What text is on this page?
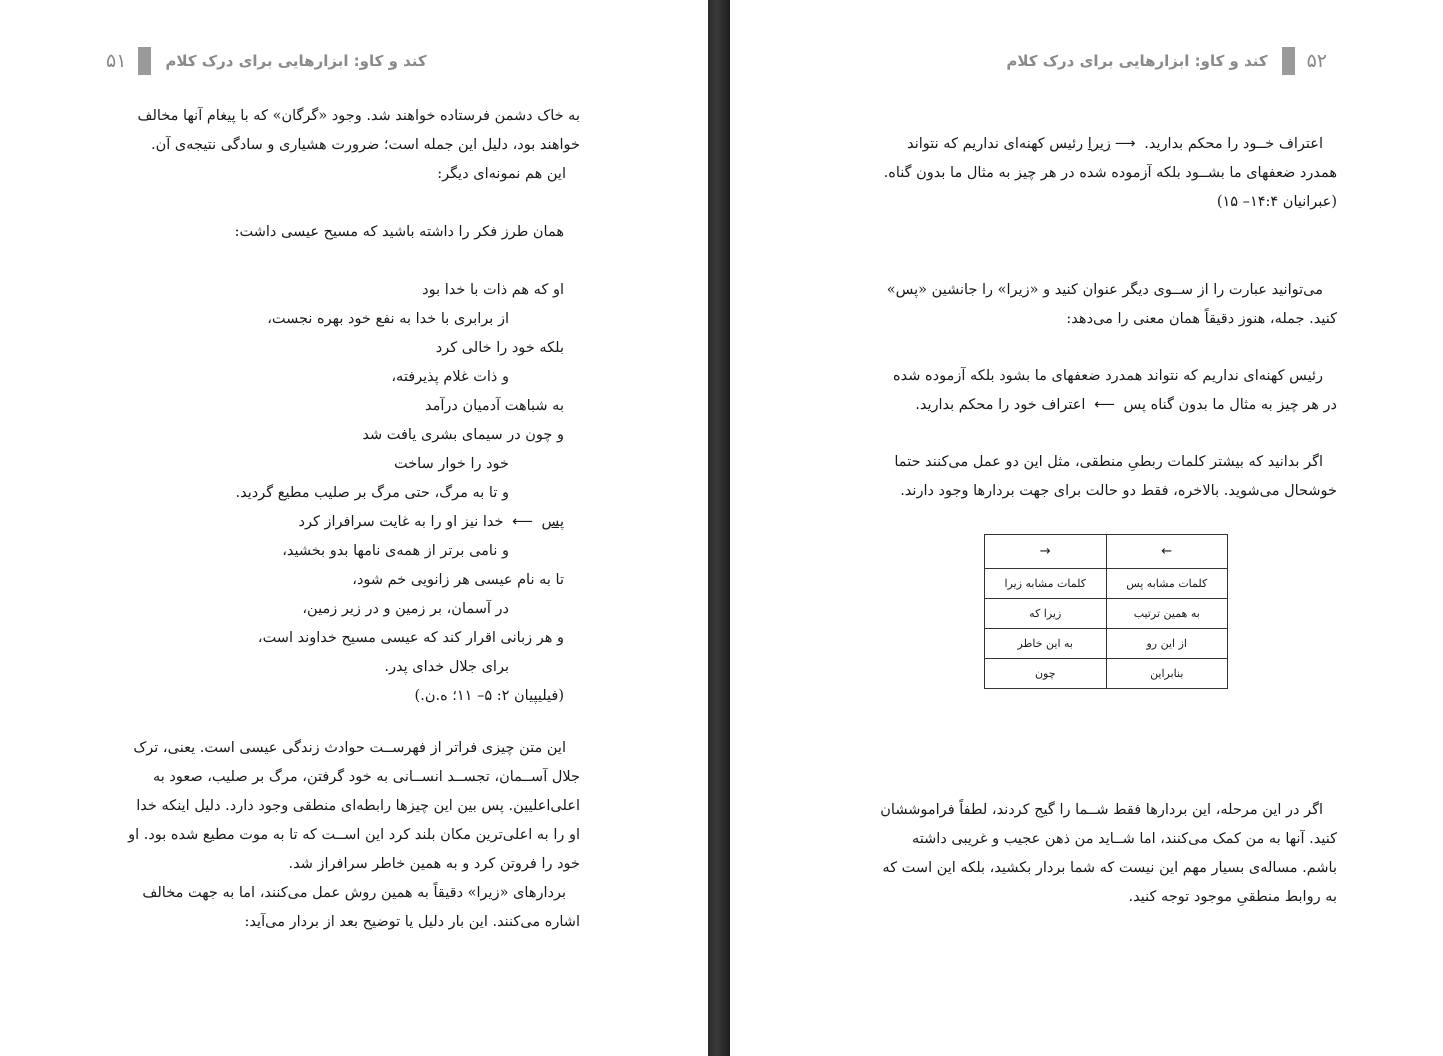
۵۱	کند و کاو: ابزارهایی برای درک کلام
به خاک دشمن فرستاده خواهند شد. وجود «گرگان» که با پیغام آنها مخالف
خواهند بود، دلیل این جمله است؛ ضرورت هشیاری و سادگی نتیجه‌ی آن.
این هم نمونه‌ای دیگر:
همان طرز فکر را داشته باشید که مسیح عیسی داشت:
او که هم ذات با خدا بود
از برابری با خدا به نفع خود بهره نجست،
بلکه خود را خالی کرد
و ذات غلام پذیرفته،
به شباهت آدمیان درآمد
و چون در سیمای بشری یافت شد
خود را خوار ساخت
و تا به مرگ، حتی مرگ بر صلیب مطیع گردید.
پس ⟵ خدا نیز او را به غایت سرافراز کرد
و نامی برتر از همه‌ی نامها بدو بخشید،
تا به نام عیسی هر زانویی خم شود،
در آسمان، بر زمین و در زیر زمین،
و هر زبانی اقرار کند که عیسی مسیح خداوند است،
برای جلال خدای پدر.
(فیلیپیان ۲: ۵– ۱۱؛ ه.ن.)
این متن چیزی فراتر از فهرســت حوادث زندگی عیسی است. یعنی، ترک
جلال آســمان، تجســد انســانی به خود گرفتن، مرگ بر صلیب، صعود به
اعلی‌اعلیین. پس بین این چیزها رابطه‌ای منطقی وجود دارد. دلیل اینکه خدا
او را به اعلی‌ترین مکان بلند کرد این اســت که تا به موت مطیع شده بود. او
خود را فروتن کرد و به همین خاطر سرافراز شد.
بردارهای «زیرا» دقیقاً به همین روش عمل می‌کنند، اما به جهت مخالف
اشاره می‌کنند. این بار دلیل یا توضیح بعد از بردار می‌آید:
کند و کاو: ابزارهایی برای درک کلام ۵۲
اعتراف خــود را محکم بدارید. ⟶زیرا رئیس کهنه‌ای نداریم که نتواند
همدرد ضعفهای ما بشــود بلکه آزموده شده در هر چیز به مثال ما بدون گناه.
(عبرانیان ۱۴:۴– ۱۵)
می‌توانید عبارت را از ســوی دیگر عنوان کنید و «زیرا» را جانشین «پس»
کنید. جمله، هنوز دقیقاً همان معنی را می‌دهد:
رئیس کهنه‌ای نداریم که نتواند همدرد ضعفهای ما بشود بلکه آزموده شده
در هر چیز به مثال ما بدون گناه پس ⟵ اعتراف خود را محکم بدارید.
اگر بدانید که بیشتر کلمات ربطیِ منطقی، مثل این دو عمل می‌کنند حتما
خوشحال می‌شوید. بالاخره، فقط دو حالت برای جهت بردارها وجود دارند.
←	→
کلمات مشابه پس	کلمات مشابه زیرا
به همین ترتیب	زیرا که
از این رو	به این خاطر
بنابراین	چون
اگر در این مرحله، این بردارها فقط شــما را گیج کردند، لطفاً فراموششان
کنید. آنها به من کمک می‌کنند، اما شــاید من ذهن عجیب و غریبی داشته
باشم. مساله‌ی بسیار مهم این نیست که شما بردار بکشید، بلکه این است که
به روابط منطقیِ موجود توجه کنید.
